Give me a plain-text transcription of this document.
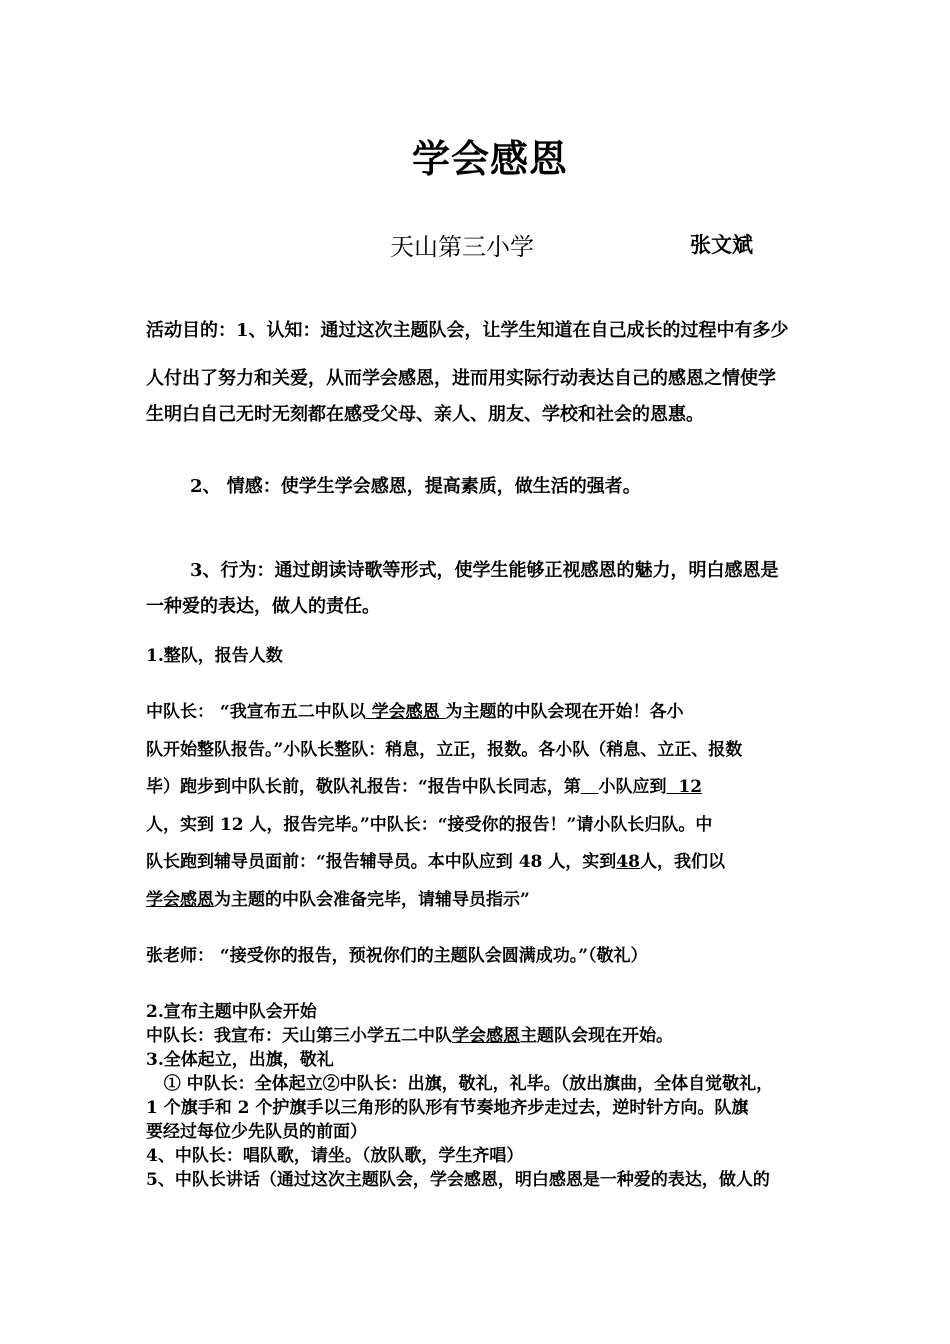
学会感恩
天山第三小学	张文斌
活动目的：1、认知：通过这次主题队会，让学生知道在自己成长的过程中有多少
人付出了努力和关爱，从而学会感恩，进而用实际行动表达自己的感恩之情使学
生明白自己无时无刻都在感受父母、亲人、朋友、学校和社会的恩惠。
2、 情感：使学生学会感恩，提高素质，做生活的强者。
3、行为：通过朗读诗歌等形式，使学生能够正视感恩的魅力，明白感恩是
一种爱的表达，做人的责任。
1.整队，报告人数
中队长： “我宣布五二中队以 学会感恩 为主题的中队会现在开始！各小
队开始整队报告。”小队长整队：稍息，立正，报数。各小队（稍息、立正、报数
毕）跑步到中队长前，敬队礼报告：“报告中队长同志，第 小队应到  12
人，实到 12 人，报告完毕。”中队长：“接受你的报告！”请小队长归队。中
队长跑到辅导员面前：“报告辅导员。本中队应到 48 人，实到48人，我们以
学会感恩为主题的中队会准备完毕，请辅导员指示”
张老师： “接受你的报告，预祝你们的主题队会圆满成功。”（敬礼）
2.宣布主题中队会开始
中队长：我宣布：天山第三小学五二中队学会感恩主题队会现在开始。
3.全体起立，出旗，敬礼
① 中队长：全体起立②中队长：出旗，敬礼，礼毕。（放出旗曲，全体自觉敬礼，
1 个旗手和 2 个护旗手以三角形的队形有节奏地齐步走过去，逆时针方向。队旗
要经过每位少先队员的前面）
4、中队长：唱队歌，请坐。（放队歌，学生齐唱）
5、中队长讲话（通过这次主题队会，学会感恩，明白感恩是一种爱的表达，做人的
